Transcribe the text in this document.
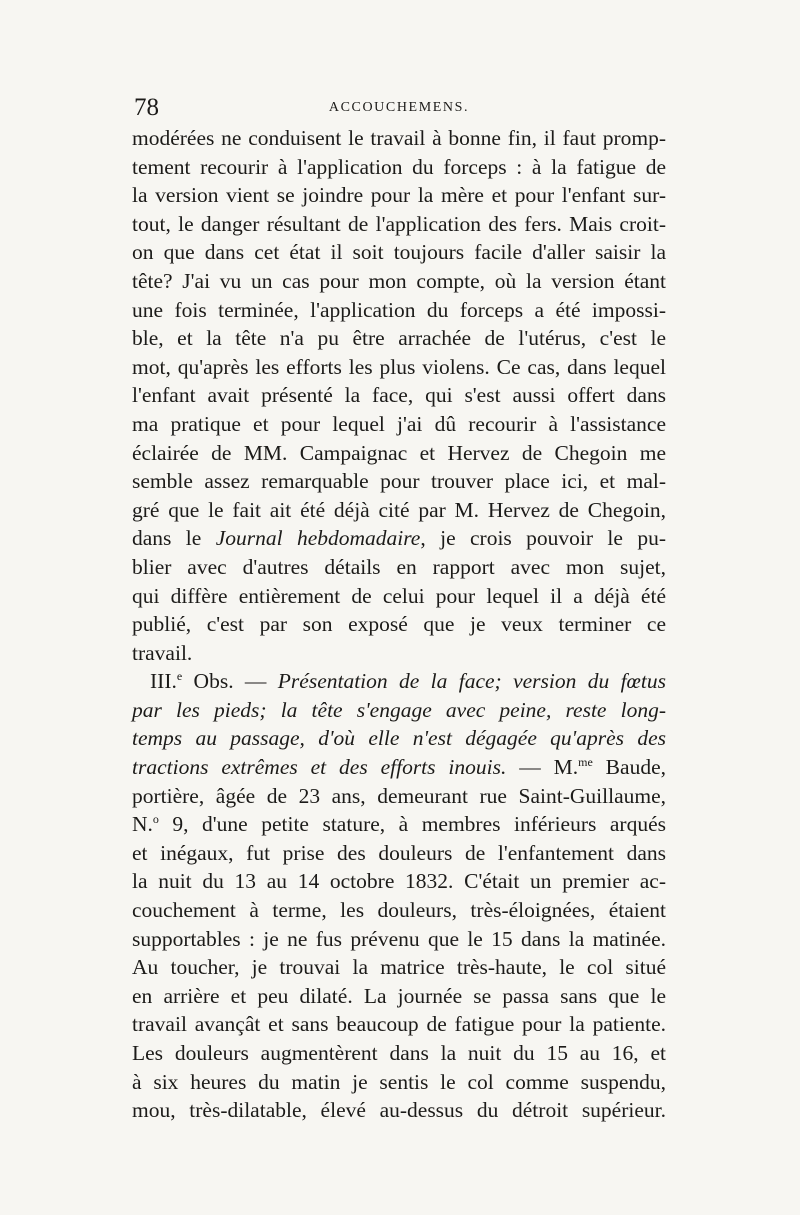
78	ACCOUCHEMENS.
modérées ne conduisent le travail à bonne fin, il faut promp-
tement recourir à l'application du forceps : à la fatigue de
la version vient se joindre pour la mère et pour l'enfant sur-
tout, le danger résultant de l'application des fers. Mais croit-
on que dans cet état il soit toujours facile d'aller saisir la
tête? J'ai vu un cas pour mon compte, où la version étant
une fois terminée, l'application du forceps a été impossi-
ble, et la tête n'a pu être arrachée de l'utérus, c'est le
mot, qu'après les efforts les plus violens. Ce cas, dans lequel
l'enfant avait présenté la face, qui s'est aussi offert dans
ma pratique et pour lequel j'ai dû recourir à l'assistance
éclairée de MM. Campaignac et Hervez de Chegoin me
semble assez remarquable pour trouver place ici, et mal-
gré que le fait ait été déjà cité par M. Hervez de Chegoin,
dans le Journal hebdomadaire, je crois pouvoir le pu-
blier avec d'autres détails en rapport avec mon sujet,
qui diffère entièrement de celui pour lequel il a déjà été
publié, c'est par son exposé que je veux terminer ce
travail.
III.$^e$ Obs. — Présentation de la face; version du fœtus
par les pieds; la tête s'engage avec peine, reste long-
temps au passage, d'où elle n'est dégagée qu'après des
tractions extrêmes et des efforts inouis. — M.$^{me}$ Baude,
portière, âgée de 23 ans, demeurant rue Saint-Guillaume,
N.$^o$ 9, d'une petite stature, à membres inférieurs arqués
et inégaux, fut prise des douleurs de l'enfantement dans
la nuit du 13 au 14 octobre 1832. C'était un premier ac-
couchement à terme, les douleurs, très-éloignées, étaient
supportables : je ne fus prévenu que le 15 dans la matinée.
Au toucher, je trouvai la matrice très-haute, le col situé
en arrière et peu dilaté. La journée se passa sans que le
travail avançât et sans beaucoup de fatigue pour la patiente.
Les douleurs augmentèrent dans la nuit du 15 au 16, et
à six heures du matin je sentis le col comme suspendu,
mou, très-dilatable, élevé au-dessus du détroit supérieur.
